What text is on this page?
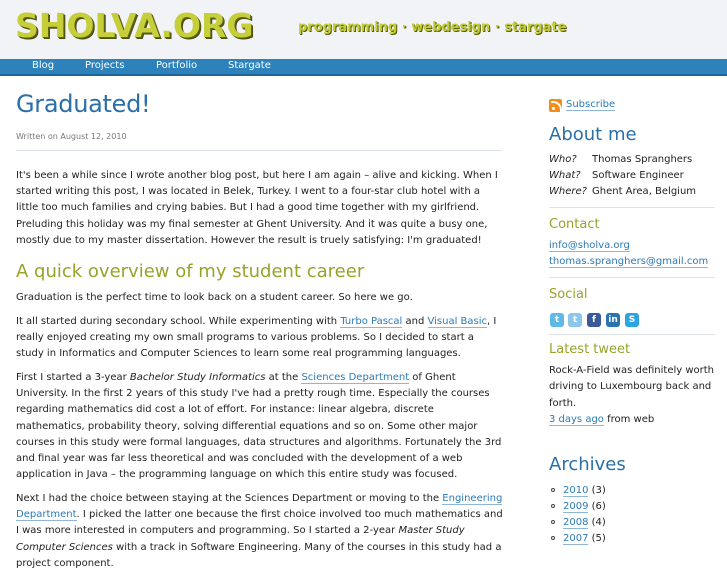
SHOLVA.ORG	programming · webdesign · stargate
Blog	Projects	Portfolio	Stargate
Graduated!
Written on August 12, 2010
It's been a while since I wrote another blog post, but here I am again – alive and kicking. When I started writing this post, I was located in Belek, Turkey. I went to a four-star club hotel with a little too much families and crying babies. But I had a good time together with my girlfriend.
Preluding this holiday was my final semester at Ghent University. And it was quite a busy one, mostly due to my master dissertation. However the result is truely satisfying: I'm graduated!
A quick overview of my student career
Graduation is the perfect time to look back on a student career. So here we go.
It all started during secondary school. While experimenting with Turbo Pascal and Visual Basic, I really enjoyed creating my own small programs to various problems. So I decided to start a study in Informatics and Computer Sciences to learn some real programming languages.
First I started a 3-year Bachelor Study Informatics at the Sciences Department of Ghent University. In the first 2 years of this study I've had a pretty rough time. Especially the courses regarding mathematics did cost a lot of effort. For instance: linear algebra, discrete mathematics, probability theory, solving differential equations and so on. Some other major courses in this study were formal languages, data structures and algorithms. Fortunately the 3rd and final year was far less theoretical and was concluded with the development of a web application in Java – the programming language on which this entire study was focused.
Next I had the choice between staying at the Sciences Department or moving to the Engineering Department. I picked the latter one because the first choice involved too much mathematics and I was more interested in computers and programming. So I started a 2-year Master Study Computer Sciences with a track in Software Engineering. Many of the courses in this study had a project component.
Subscribe
About me
Who? Thomas Spranghers
What? Software Engineer
Where? Ghent Area, Belgium
Contact
info@sholva.org
thomas.spranghers@gmail.com
Social
t	t	f	in	S
Latest tweet
Rock-A-Field was definitely worth driving to Luxembourg back and forth.
3 days ago from web
Archives
2010 (3)
2009 (6)
2008 (4)
2007 (5)
